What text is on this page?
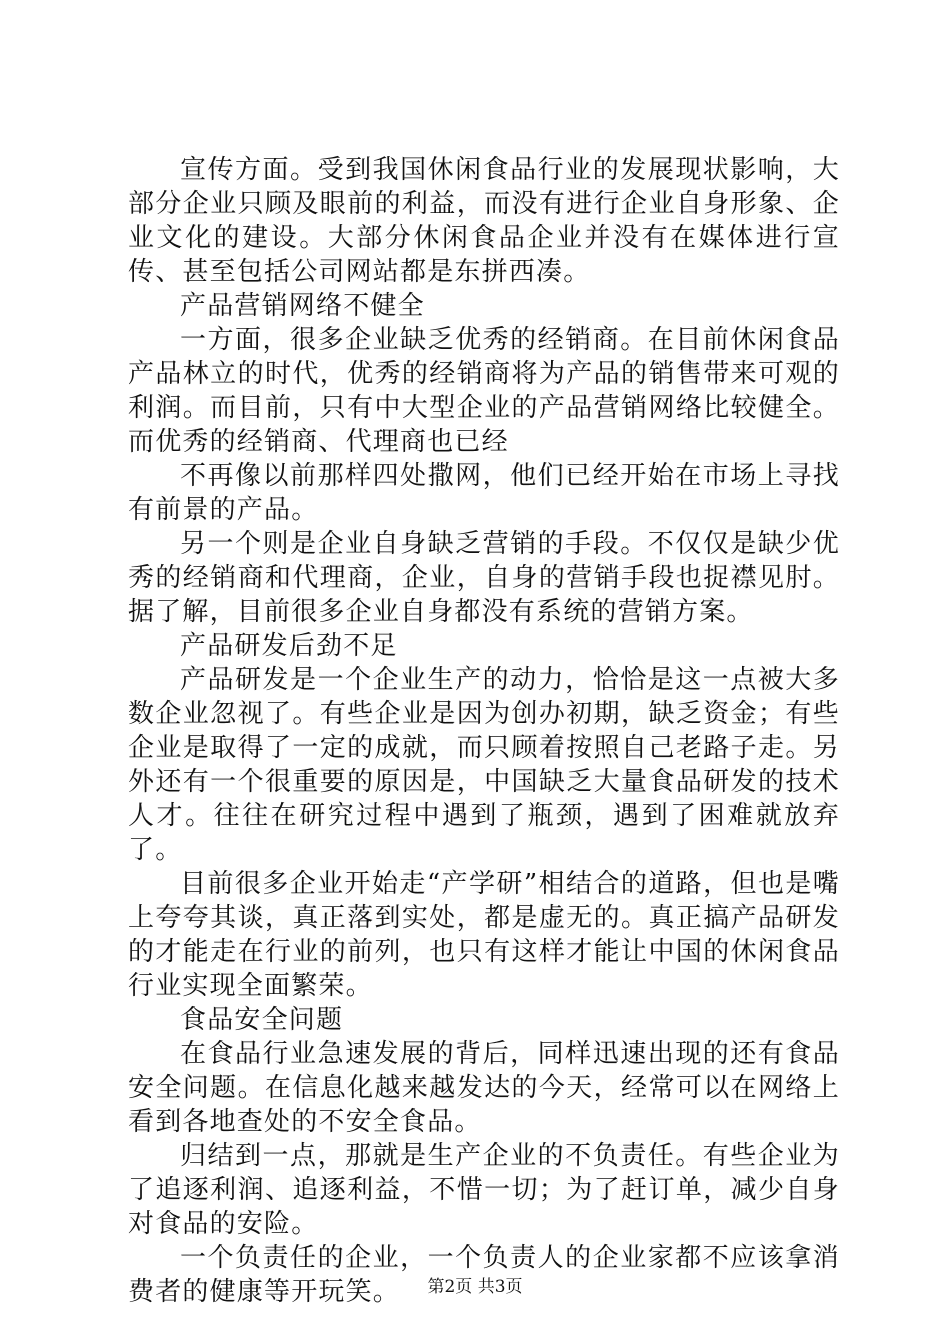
宣传方面。受到我国休闲食品行业的发展现状影响，大部分企业只顾及眼前的利益，而没有进行企业自身形象、企业文化的建设。大部分休闲食品企业并没有在媒体进行宣传、甚至包括公司网站都是东拼西凑。

产品营销网络不健全

一方面，很多企业缺乏优秀的经销商。在目前休闲食品产品林立的时代，优秀的经销商将为产品的销售带来可观的利润。而目前，只有中大型企业的产品营销网络比较健全。而优秀的经销商、代理商也已经

不再像以前那样四处撒网，他们已经开始在市场上寻找有前景的产品。

另一个则是企业自身缺乏营销的手段。不仅仅是缺少优秀的经销商和代理商，企业，自身的营销手段也捉襟见肘。据了解，目前很多企业自身都没有系统的营销方案。

产品研发后劲不足

产品研发是一个企业生产的动力，恰恰是这一点被大多数企业忽视了。有些企业是因为创办初期，缺乏资金；有些企业是取得了一定的成就，而只顾着按照自己老路子走。另外还有一个很重要的原因是，中国缺乏大量食品研发的技术人才。往往在研究过程中遇到了瓶颈，遇到了困难就放弃了。

目前很多企业开始走“产学研”相结合的道路，但也是嘴上夸夸其谈，真正落到实处，都是虚无的。真正搞产品研发的才能走在行业的前列，也只有这样才能让中国的休闲食品行业实现全面繁荣。

食品安全问题

在食品行业急速发展的背后，同样迅速出现的还有食品安全问题。在信息化越来越发达的今天，经常可以在网络上看到各地查处的不安全食品。

归结到一点，那就是生产企业的不负责任。有些企业为了追逐利润、追逐利益，不惜一切；为了赶订单，减少自身对食品的安险。

一个负责任的企业，一个负责人的企业家都不应该拿消费者的健康等开玩笑。	第2页 共3页
